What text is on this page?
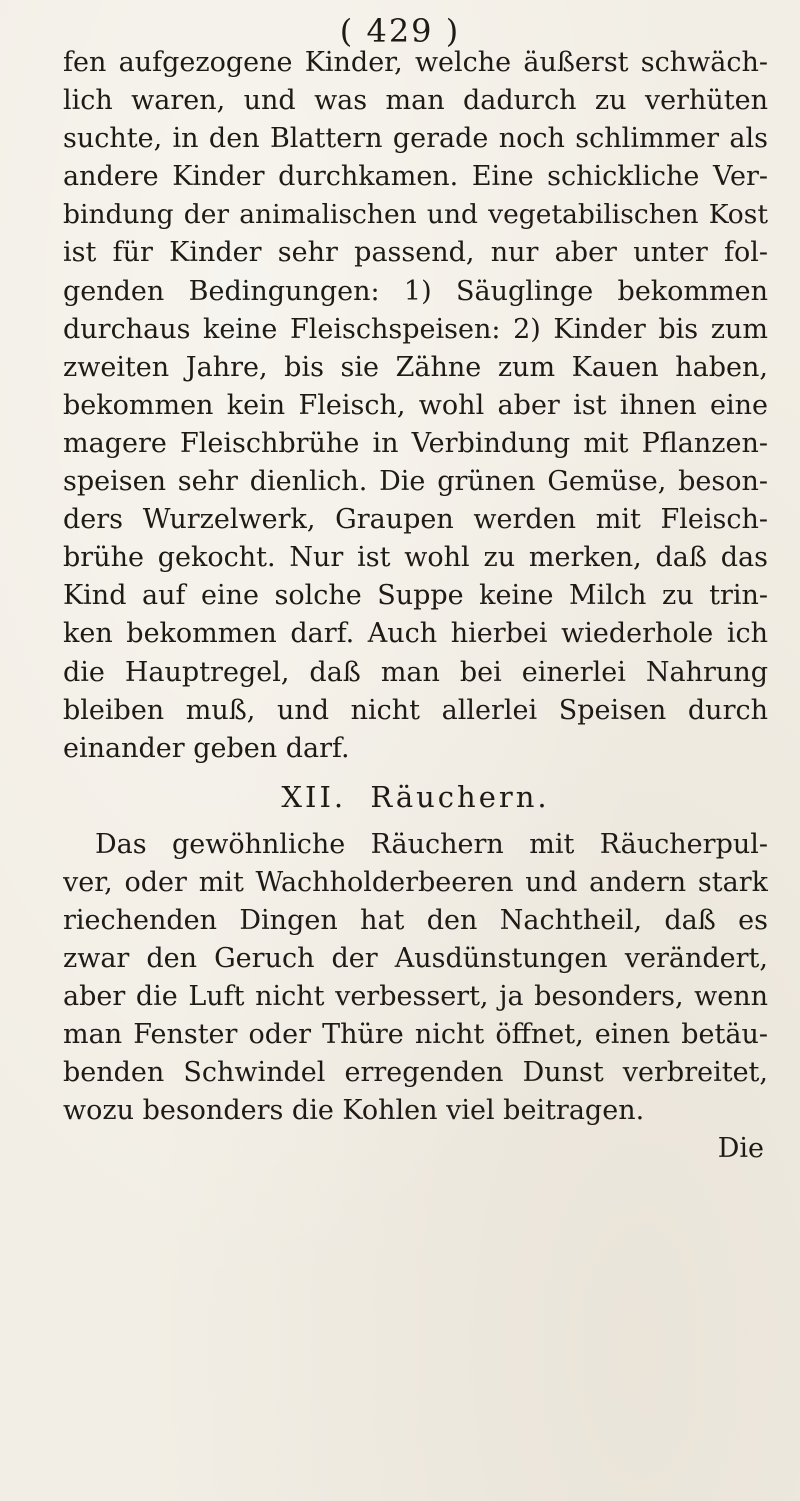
( 429 )
fen aufgezogene Kinder, welche äußerst schwäch-
lich waren, und was man dadurch zu verhüten
suchte, in den Blattern gerade noch schlimmer als
andere Kinder durchkamen. Eine schickliche Ver-
bindung der animalischen und vegetabilischen Kost
ist für Kinder sehr passend, nur aber unter fol-
genden Bedingungen: 1) Säuglinge bekommen
durchaus keine Fleischspeisen: 2) Kinder bis zum
zweiten Jahre, bis sie Zähne zum Kauen haben,
bekommen kein Fleisch, wohl aber ist ihnen eine
magere Fleischbrühe in Verbindung mit Pflanzen-
speisen sehr dienlich. Die grünen Gemüse, beson-
ders Wurzelwerk, Graupen werden mit Fleisch-
brühe gekocht. Nur ist wohl zu merken, daß das
Kind auf eine solche Suppe keine Milch zu trin-
ken bekommen darf. Auch hierbei wiederhole ich
die Hauptregel, daß man bei einerlei Nahrung
bleiben muß, und nicht allerlei Speisen durch
einander geben darf.
XII. Räuchern.
Das gewöhnliche Räuchern mit Räucherpul-
ver, oder mit Wachholderbeeren und andern stark
riechenden Dingen hat den Nachtheil, daß es
zwar den Geruch der Ausdünstungen verändert,
aber die Luft nicht verbessert, ja besonders, wenn
man Fenster oder Thüre nicht öffnet, einen betäu-
benden Schwindel erregenden Dunst verbreitet,
wozu besonders die Kohlen viel beitragen.
Die
